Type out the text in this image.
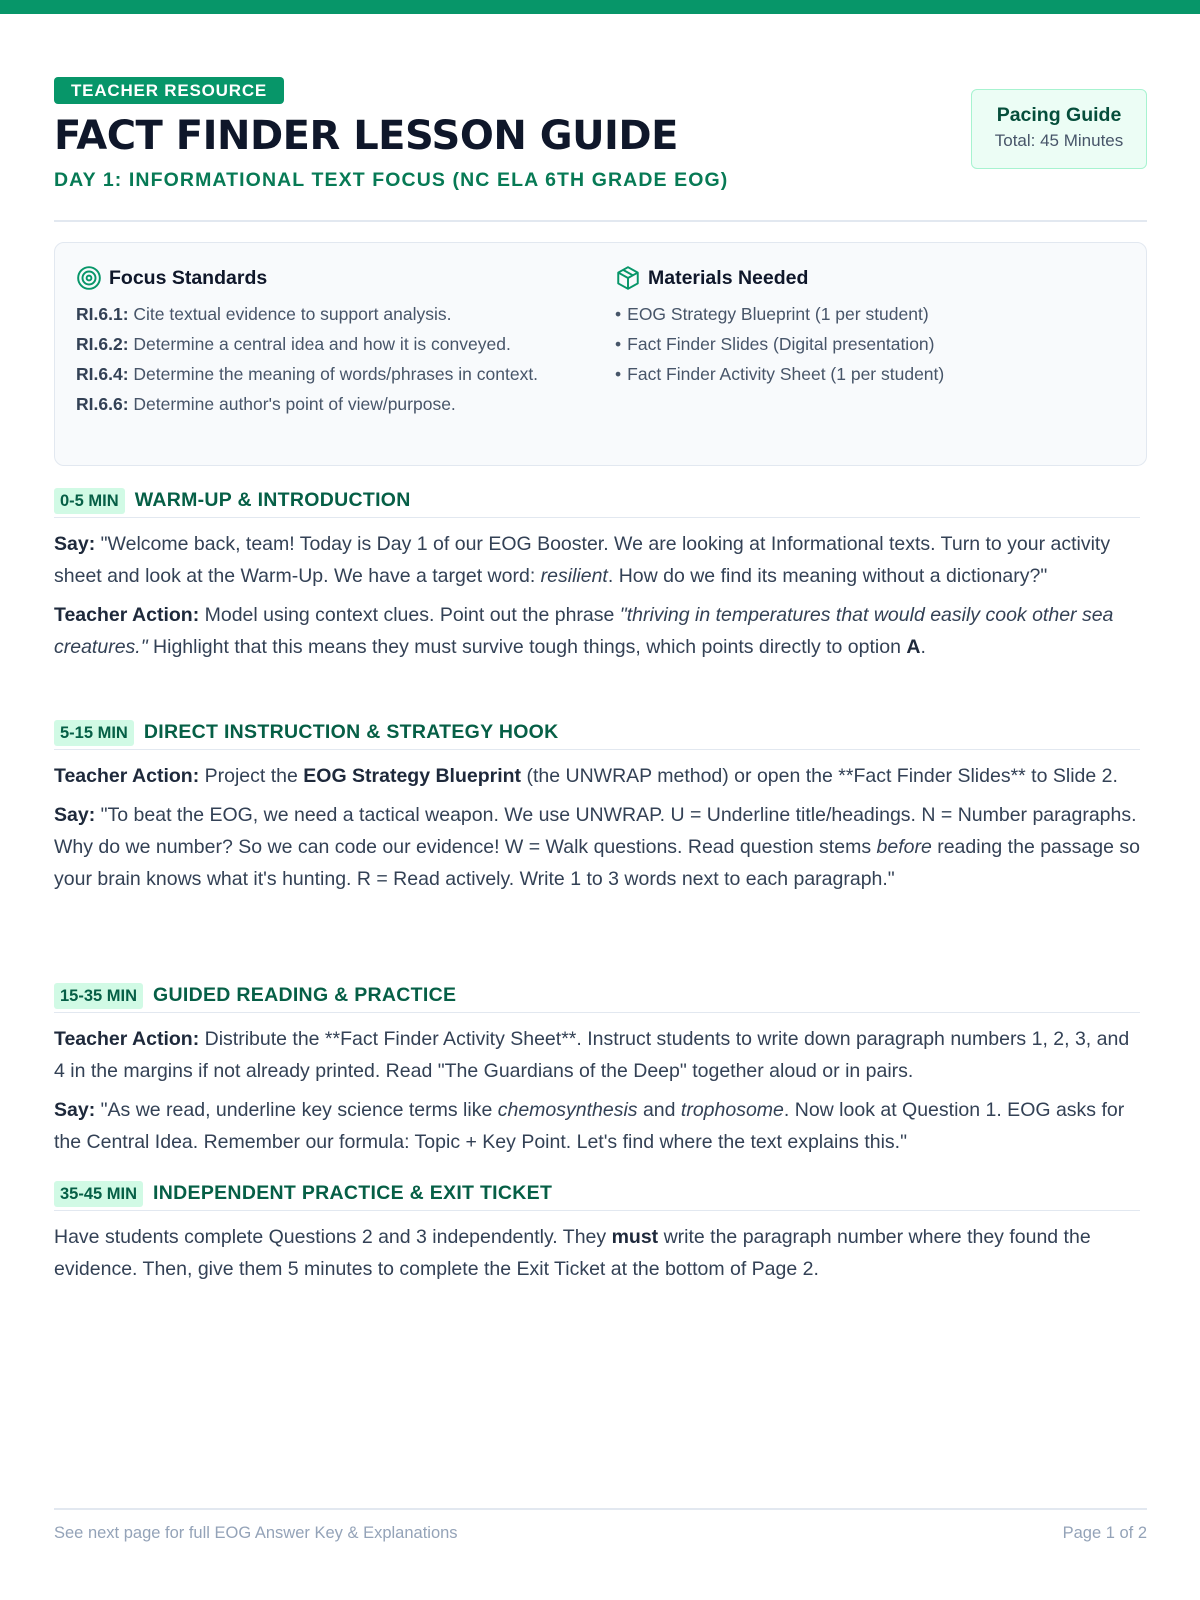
TEACHER RESOURCE
FACT FINDER LESSON GUIDE
DAY 1: INFORMATIONAL TEXT FOCUS (NC ELA 6TH GRADE EOG)
Pacing Guide
Total: 45 Minutes
Focus Standards
RI.6.1: Cite textual evidence to support analysis.
RI.6.2: Determine a central idea and how it is conveyed.
RI.6.4: Determine the meaning of words/phrases in context.
RI.6.6: Determine author's point of view/purpose.
Materials Needed
• EOG Strategy Blueprint (1 per student)
• Fact Finder Slides (Digital presentation)
• Fact Finder Activity Sheet (1 per student)
0-5 MIN WARM-UP & INTRODUCTION

Say: "Welcome back, team! Today is Day 1 of our EOG Booster. We are looking at Informational texts. Turn to your activity sheet and look at the Warm-Up. We have a target word: resilient. How do we find its meaning without a dictionary?"

Teacher Action: Model using context clues. Point out the phrase "thriving in temperatures that would easily cook other sea creatures." Highlight that this means they must survive tough things, which points directly to option A.

5-15 MIN DIRECT INSTRUCTION & STRATEGY HOOK

Teacher Action: Project the EOG Strategy Blueprint (the UNWRAP method) or open the **Fact Finder Slides** to Slide 2.

Say: "To beat the EOG, we need a tactical weapon. We use UNWRAP. U = Underline title/headings. N = Number paragraphs. Why do we number? So we can code our evidence! W = Walk questions. Read question stems before reading the passage so your brain knows what it's hunting. R = Read actively. Write 1 to 3 words next to each paragraph."

15-35 MIN GUIDED READING & PRACTICE

Teacher Action: Distribute the **Fact Finder Activity Sheet**. Instruct students to write down paragraph numbers 1, 2, 3, and 4 in the margins if not already printed. Read "The Guardians of the Deep" together aloud or in pairs.

Say: "As we read, underline key science terms like chemosynthesis and trophosome. Now look at Question 1. EOG asks for the Central Idea. Remember our formula: Topic + Key Point. Let's find where the text explains this."

35-45 MIN INDEPENDENT PRACTICE & EXIT TICKET

Have students complete Questions 2 and 3 independently. They must write the paragraph number where they found the evidence. Then, give them 5 minutes to complete the Exit Ticket at the bottom of Page 2.

See next page for full EOG Answer Key & Explanations	Page 1 of 2
